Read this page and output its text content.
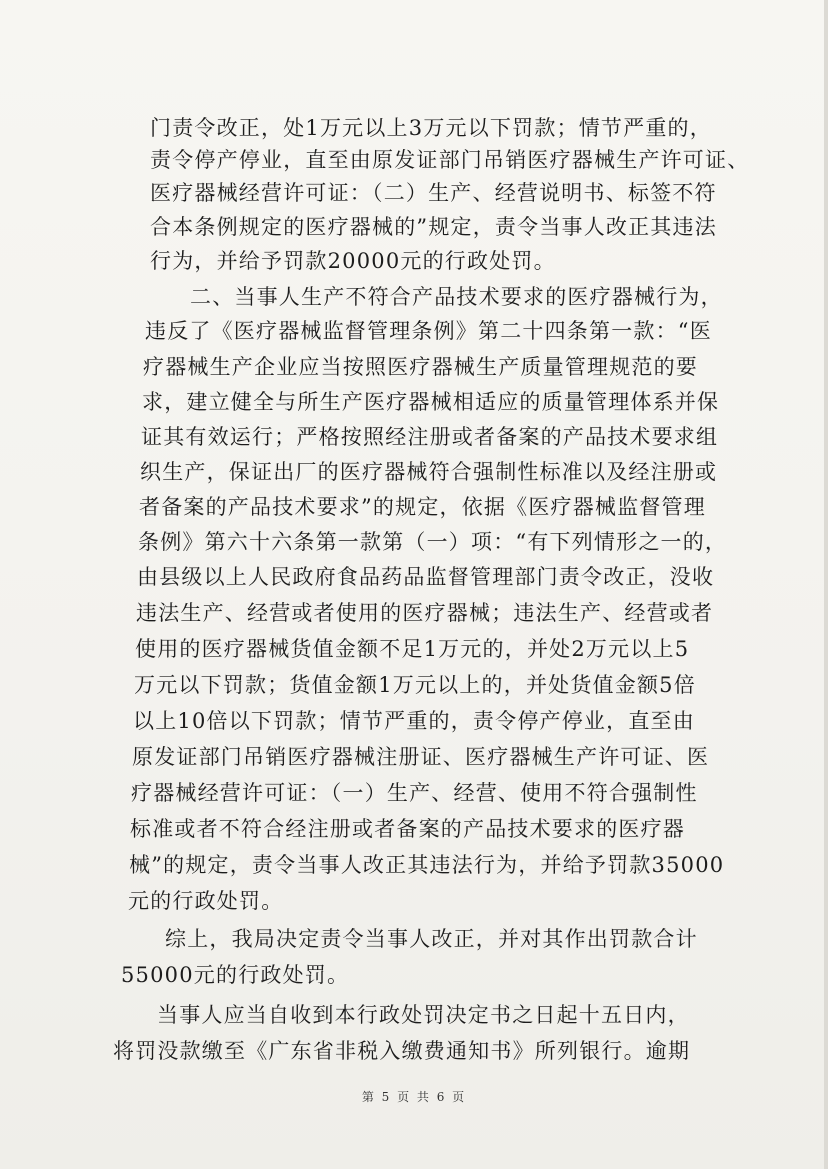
门责令改正，处1万元以上3万元以下罚款；情节严重的，
责令停产停业，直至由原发证部门吊销医疗器械生产许可证、
医疗器械经营许可证：（二）生产、经营说明书、标签不符
合本条例规定的医疗器械的”规定，责令当事人改正其违法
行为，并给予罚款20000元的行政处罚。
二、当事人生产不符合产品技术要求的医疗器械行为，
违反了《医疗器械监督管理条例》第二十四条第一款：“医
疗器械生产企业应当按照医疗器械生产质量管理规范的要
求，建立健全与所生产医疗器械相适应的质量管理体系并保
证其有效运行；严格按照经注册或者备案的产品技术要求组
织生产，保证出厂的医疗器械符合强制性标准以及经注册或
者备案的产品技术要求”的规定，依据《医疗器械监督管理
条例》第六十六条第一款第（一）项：“有下列情形之一的，
由县级以上人民政府食品药品监督管理部门责令改正，没收
违法生产、经营或者使用的医疗器械；违法生产、经营或者
使用的医疗器械货值金额不足1万元的，并处2万元以上5
万元以下罚款；货值金额1万元以上的，并处货值金额5倍
以上10倍以下罚款；情节严重的，责令停产停业，直至由
原发证部门吊销医疗器械注册证、医疗器械生产许可证、医
疗器械经营许可证：（一）生产、经营、使用不符合强制性
标准或者不符合经注册或者备案的产品技术要求的医疗器
械”的规定，责令当事人改正其违法行为，并给予罚款35000
元的行政处罚。
综上，我局决定责令当事人改正，并对其作出罚款合计
55000元的行政处罚。
当事人应当自收到本行政处罚决定书之日起十五日内，
将罚没款缴至《广东省非税入缴费通知书》所列银行。逾期
第 5 页 共 6 页
